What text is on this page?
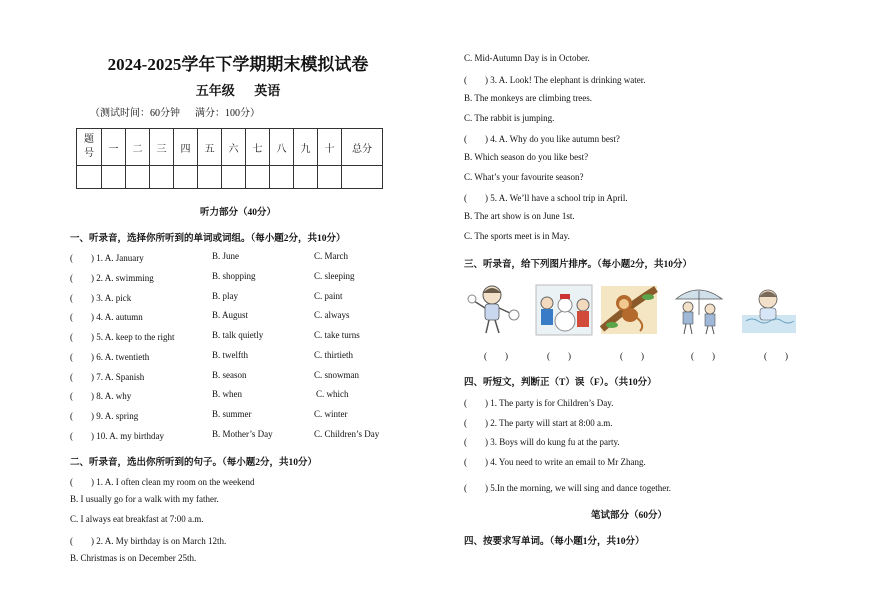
2024-2025学年下学期期末模拟试卷
五年级 英语
（测试时间：60分钟 满分：100分）
题号	一	二	三	四	五	六	七	八	九	十	总分

听力部分（40分）
一、听录音，选择你所听到的单词或词组。（每小题2分，共10分）
(　　) 1. A. January	B. June	C. March
(　　) 2. A. swimming	B. shopping	C. sleeping
(　　) 3. A. pick	B. play	C. paint
(　　) 4. A. autumn	B. August	C. always
(　　) 5. A. keep to the right	B. talk quietly	C. take turns
(　　) 6. A. twentieth	B. twelfth	C. thirtieth
(　　) 7. A. Spanish	B. season	C. snowman
(　　) 8. A. why	B. when	C. which
(　　) 9. A. spring	B. summer	C. winter
(　　) 10. A. my birthday	B. Mother’s Day	C. Children’s Day
二、听录音，选出你所听到的句子。（每小题2分，共10分）
(　　) 1. A. I often clean my room on the weekend
B. I usually go for a walk with my father.
C. I always eat breakfast at 7:00 a.m.
(　　) 2. A. My birthday is on March 12th.
B. Christmas is on December 25th.
C. Mid-Autumn Day is in October.
(　　) 3. A. Look! The elephant is drinking water.
B. The monkeys are climbing trees.
C. The rabbit is jumping.
(　　) 4. A. Why do you like autumn best?
B. Which season do you like best?
C. What’s your favourite season?
(　　) 5. A. We’ll have a school trip in April.
B. The art show is on June 1st.
C. The sports meet is in May.
三、听录音，给下列图片排序。（每小题2分，共10分）
(　　)	(　　)	(　　)	(　　)	(　　)
四、听短文，判断正（T）误（F）。（共10分）
(　　) 1. The party is for Children’s Day.
(　　) 2. The party will start at 8:00 a.m.
(　　) 3. Boys will do kung fu at the party.
(　　) 4. You need to write an email to Mr Zhang.
(　　) 5.In the morning, we will sing and dance together.
笔试部分（60分）
四、按要求写单词。（每小题1分，共10分）
